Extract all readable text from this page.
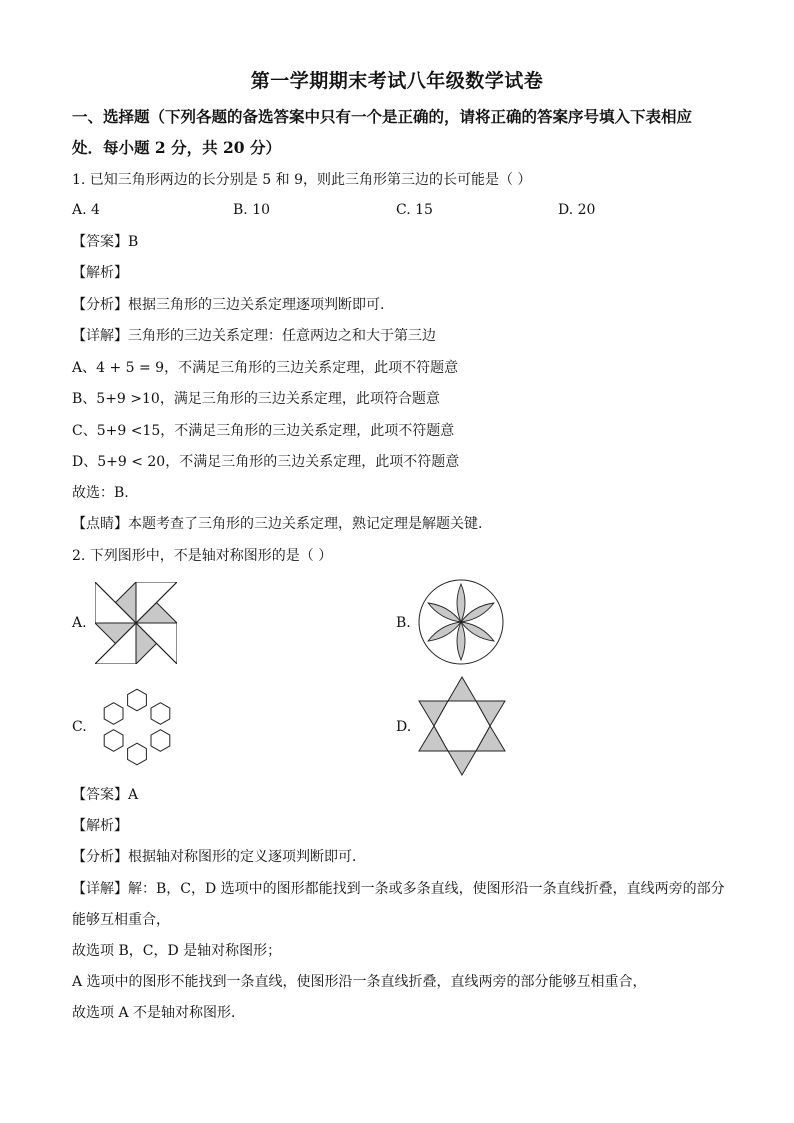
第一学期期末考试八年级数学试卷
一、选择题（下列各题的备选答案中只有一个是正确的，请将正确的答案序号填入下表相应
处．每小题 2 分，共 20 分）
1. 已知三角形两边的长分别是 5 和 9，则此三角形第三边的长可能是（ ）
A. 4	B. 10	C. 15	D. 20
【答案】B
【解析】
【分析】根据三角形的三边关系定理逐项判断即可.
【详解】三角形的三边关系定理：任意两边之和大于第三边
A、4 + 5 = 9，不满足三角形的三边关系定理，此项不符题意
B、5+9 >10，满足三角形的三边关系定理，此项符合题意
C、5+9 <15，不满足三角形的三边关系定理，此项不符题意
D、5+9 < 20，不满足三角形的三边关系定理，此项不符题意
故选：B.
【点睛】本题考查了三角形的三边关系定理，熟记定理是解题关键.
2. 下列图形中，不是轴对称图形的是（ ）
A.	B.
C.	D.
【答案】A
【解析】
【分析】根据轴对称图形的定义逐项判断即可．
【详解】解：B，C，D 选项中的图形都能找到一条或多条直线，使图形沿一条直线折叠，直线两旁的部分
能够互相重合，
故选项 B，C，D 是轴对称图形；
A 选项中的图形不能找到一条直线，使图形沿一条直线折叠，直线两旁的部分能够互相重合，
故选项 A 不是轴对称图形．
